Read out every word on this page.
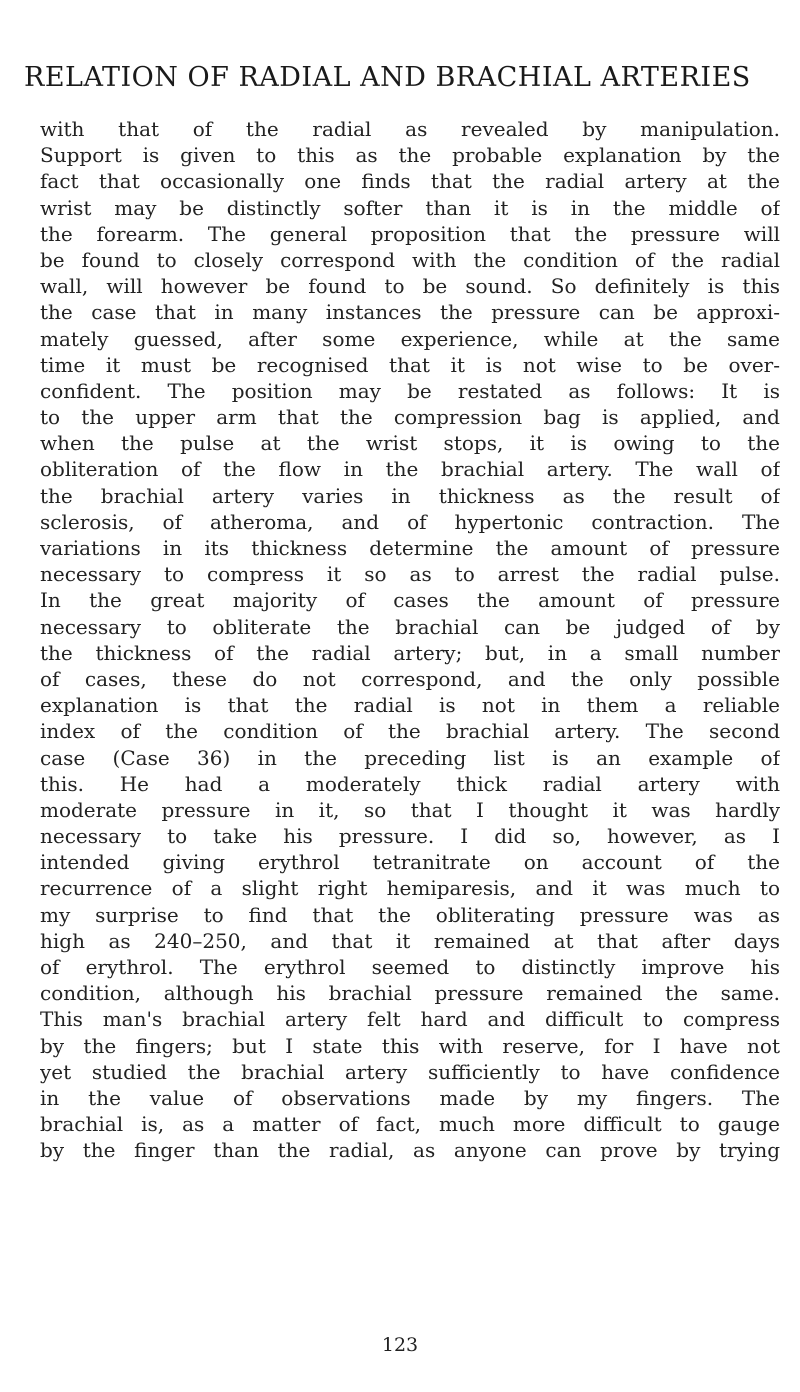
RELATION OF RADIAL AND BRACHIAL ARTERIES
with that of the radial as revealed by manipulation.
Support is given to this as the probable explanation by the
fact that occasionally one finds that the radial artery at the
wrist may be distinctly softer than it is in the middle of
the forearm. The general proposition that the pressure will
be found to closely correspond with the condition of the radial
wall, will however be found to be sound. So definitely is this
the case that in many instances the pressure can be approxi-
mately guessed, after some experience, while at the same
time it must be recognised that it is not wise to be over-
confident. The position may be restated as follows: It is
to the upper arm that the compression bag is applied, and
when the pulse at the wrist stops, it is owing to the
obliteration of the flow in the brachial artery. The wall of
the brachial artery varies in thickness as the result of
sclerosis, of atheroma, and of hypertonic contraction. The
variations in its thickness determine the amount of pressure
necessary to compress it so as to arrest the radial pulse.
In the great majority of cases the amount of pressure
necessary to obliterate the brachial can be judged of by
the thickness of the radial artery; but, in a small number
of cases, these do not correspond, and the only possible
explanation is that the radial is not in them a reliable
index of the condition of the brachial artery. The second
case (Case 36) in the preceding list is an example of
this. He had a moderately thick radial artery with
moderate pressure in it, so that I thought it was hardly
necessary to take his pressure. I did so, however, as I
intended giving erythrol tetranitrate on account of the
recurrence of a slight right hemiparesis, and it was much to
my surprise to find that the obliterating pressure was as
high as 240–250, and that it remained at that after days
of erythrol. The erythrol seemed to distinctly improve his
condition, although his brachial pressure remained the same.
This man's brachial artery felt hard and difficult to compress
by the fingers; but I state this with reserve, for I have not
yet studied the brachial artery sufficiently to have confidence
in the value of observations made by my fingers. The
brachial is, as a matter of fact, much more difficult to gauge
by the finger than the radial, as anyone can prove by trying
123
